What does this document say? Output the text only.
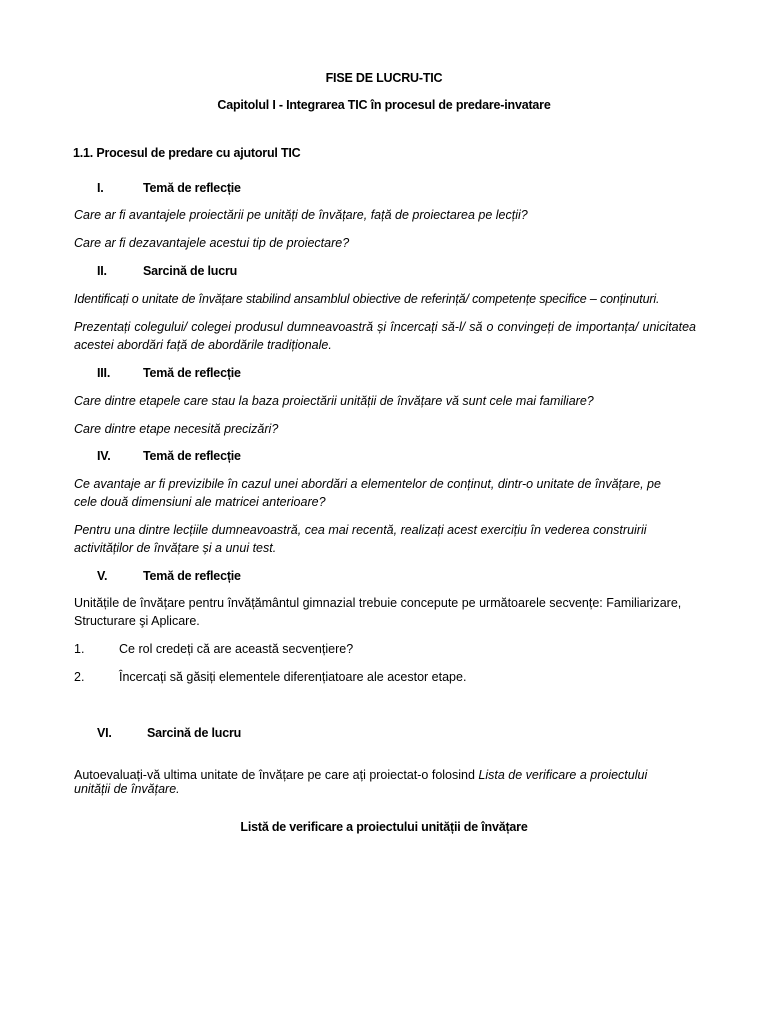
FISE DE LUCRU-TIC

Capitolul I - Integrarea TIC în procesul de predare-invatare

1.1. Procesul de predare cu ajutorul TIC

I.	Temă de reflecție

Care ar fi avantajele proiectării pe unități de învățare, față de proiectarea pe lecții?

Care ar fi dezavantajele acestui tip de proiectare?

II.	Sarcină de lucru

Identificați o unitate de învățare stabilind ansamblul obiective de referință/ competențe specifice – conținuturi.

Prezentați colegului/ colegei produsul dumneavoastră și încercați să-l/ să o convingeți de importanța/ unicitatea acestei abordări față de abordările tradiționale.

III.	Temă de reflecție

Care dintre etapele care stau la baza proiectării unității de învățare vă sunt cele mai familiare?

Care dintre etape necesită precizări?

IV.	Temă de reflecție

Ce avantaje ar fi previzibile în cazul unei abordări a elementelor de conținut, dintr-o unitate de învățare, pe

cele două dimensiuni ale matricei anterioare?

Pentru una dintre lecțiile dumneavoastră, cea mai recentă, realizați acest exercițiu în vederea construirii

activităților de învățare și a unui test.

V.	Temă de reflecție

Unitățile de învățare pentru învățământul gimnazial trebuie concepute pe următoarele secvențe: Familiarizare,

Structurare şi Aplicare.

1.	Ce rol credeți că are această secvențiere?
2.	Încercați să găsiți elementele diferențiatoare ale acestor etape.
VI.	Sarcină de lucru

Autoevaluați-vă ultima unitate de învățare pe care ați proiectat-o folosind Lista de verificare a proiectului

unității de învățare.

Listă de verificare a proiectului unității de învățare
